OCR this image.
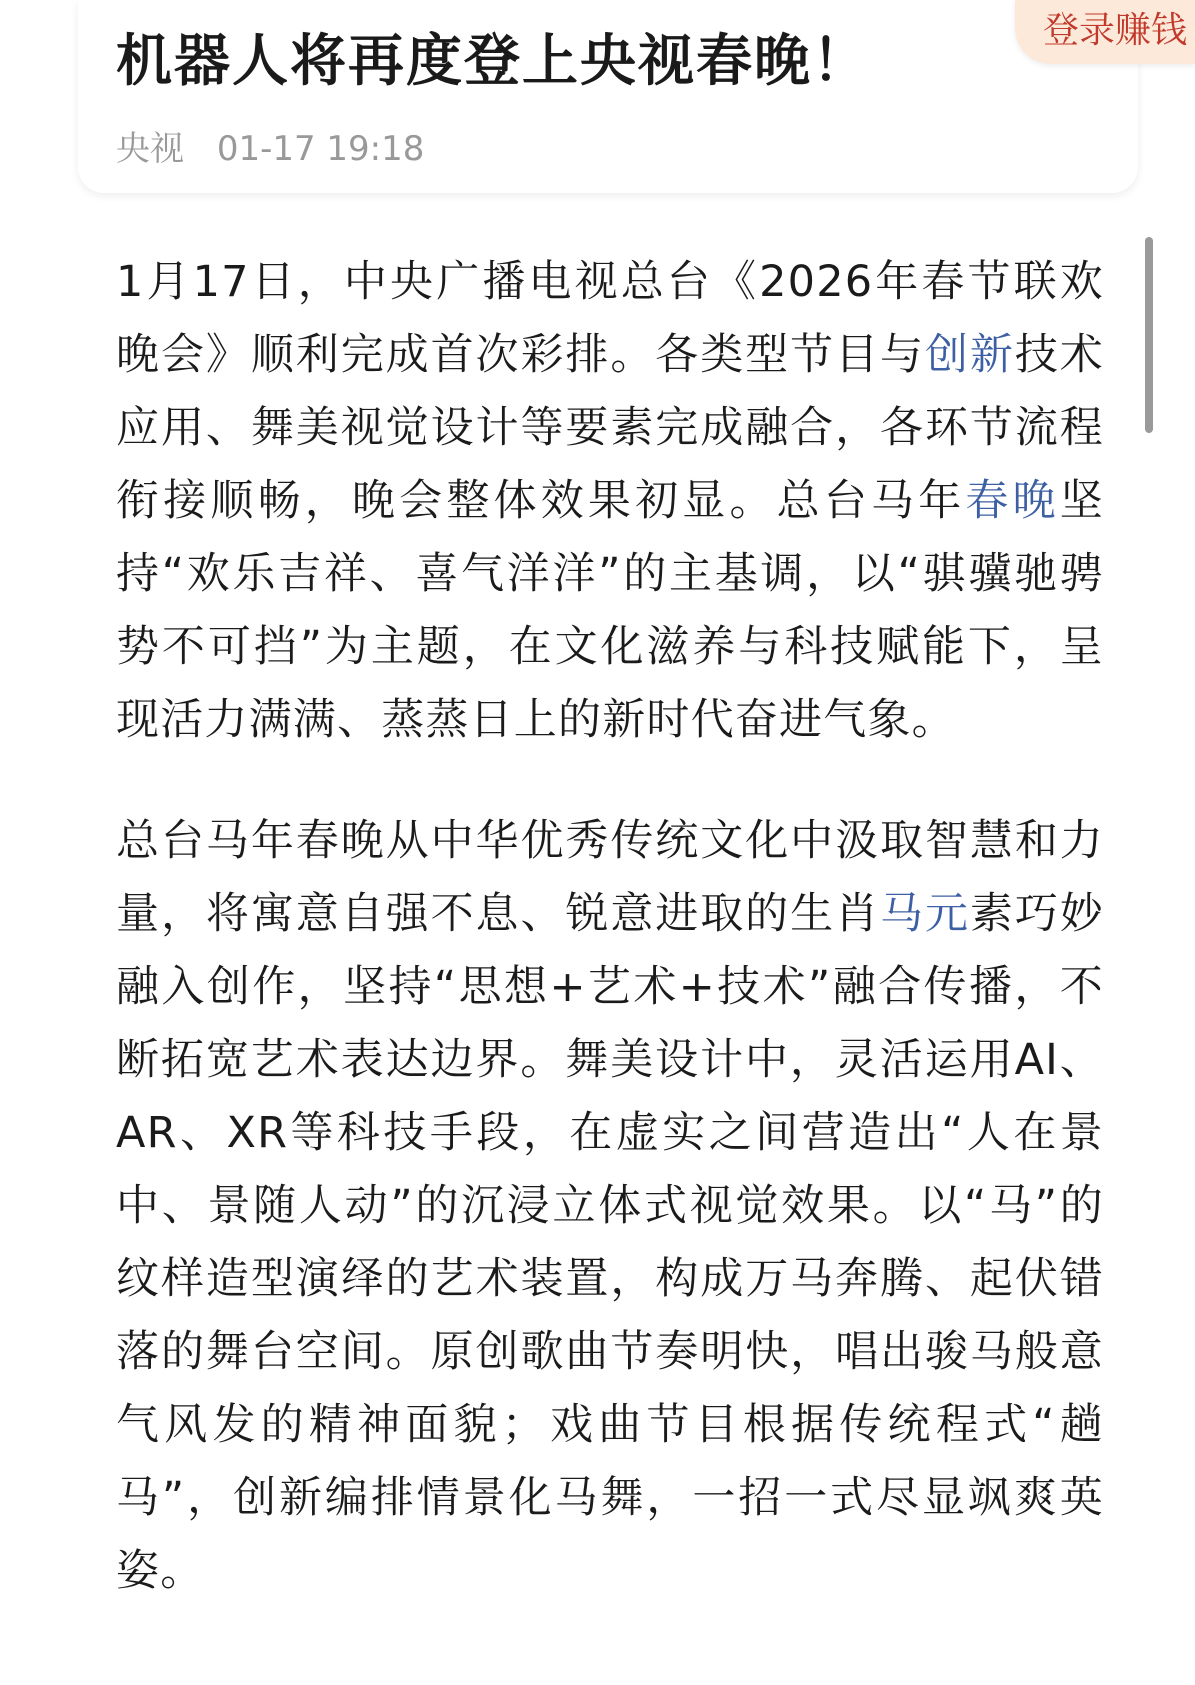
机器人将再度登上央视春晚！
央视 01-17 19:18
登录赚钱

1月17日，中央广播电视总台《2026年春节联欢晚会》顺利完成首次彩排。各类型节目与创新技术应用、舞美视觉设计等要素完成融合，各环节流程衔接顺畅，晚会整体效果初显。总台马年春晚坚持“欢乐吉祥、喜气洋洋”的主基调，以“骐骥驰骋 势不可挡”为主题，在文化滋养与科技赋能下，呈现活力满满、蒸蒸日上的新时代奋进气象。

总台马年春晚从中华优秀传统文化中汲取智慧和力量，将寓意自强不息、锐意进取的生肖马元素巧妙融入创作，坚持“思想+艺术+技术”融合传播，不断拓宽艺术表达边界。舞美设计中，灵活运用AI、AR、XR等科技手段，在虚实之间营造出“人在景中、景随人动”的沉浸立体式视觉效果。以“马”的纹样造型演绎的艺术装置，构成万马奔腾、起伏错落的舞台空间。原创歌曲节奏明快，唱出骏马般意气风发的精神面貌；戏曲节目根据传统程式“趟马”，创新编排情景化马舞，一招一式尽显飒爽英姿。
